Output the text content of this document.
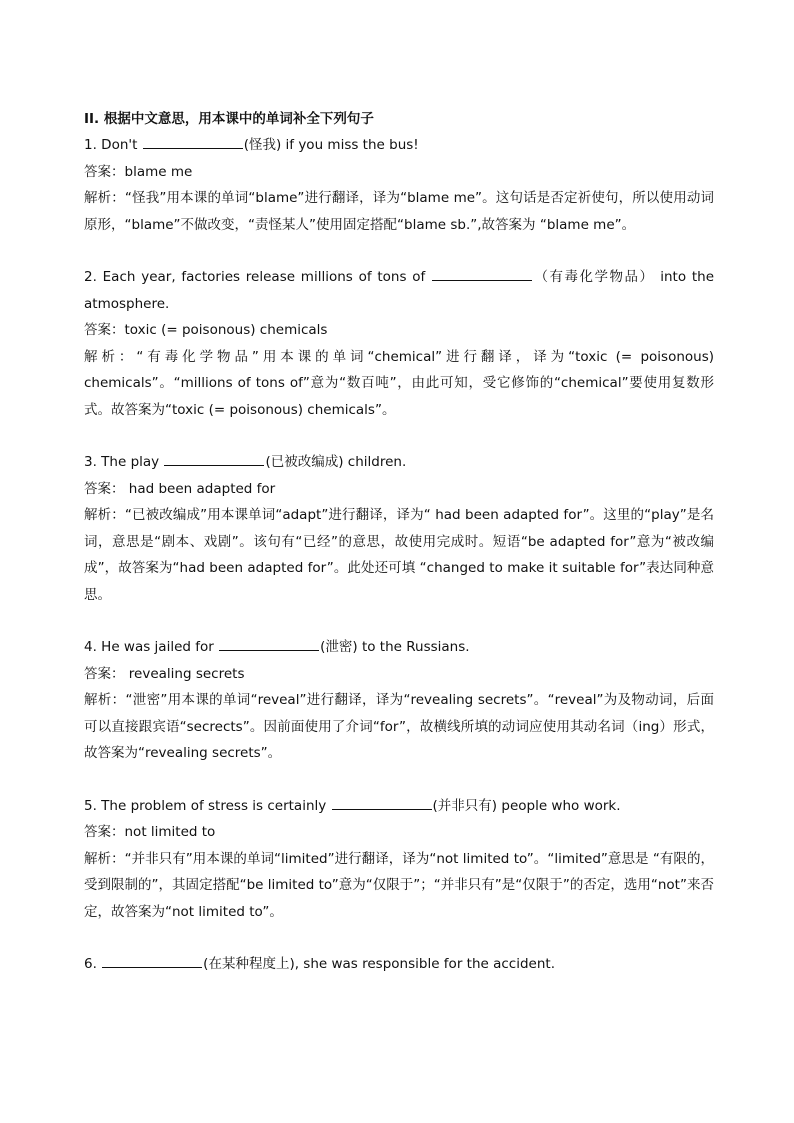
II. 根据中文意思，用本课中的单词补全下列句子

1. Don't	(怪我) if you miss the bus!

答案：blame me

解析：“怪我”用本课的单词“blame”进行翻译，译为“blame me”。这句话是否定祈使句，所以使用动词原形，“blame”不做改变，“责怪某人”使用固定搭配“blame sb.”,故答案为 “blame me”。

2. Each year, factories release millions of tons of	（有毒化学物品） into the atmosphere.

答案：toxic (= poisonous) chemicals

解析：“有毒化学物品”用本课的单词“chemical”进行翻译，译为“toxic (= poisonous) chemicals”。“millions of tons of”意为“数百吨”，由此可知，受它修饰的“chemical”要使用复数形式。故答案为“toxic (= poisonous) chemicals”。

3. The play	(已被改编成) children.

答案： had been adapted for

解析：“已被改编成”用本课单词“adapt”进行翻译，译为“ had been adapted for”。这里的“play”是名词，意思是“剧本、戏剧”。该句有“已经”的意思，故使用完成时。短语“be adapted for”意为“被改编成”，故答案为“had been adapted for”。此处还可填 “changed to make it suitable for”表达同种意思。

4. He was jailed for	(泄密) to the Russians.

答案： revealing secrets

解析：“泄密”用本课的单词“reveal”进行翻译，译为“revealing secrets”。“reveal”为及物动词，后面可以直接跟宾语“secrects”。因前面使用了介词“for”，故横线所填的动词应使用其动名词（ing）形式，故答案为“revealing secrets”。

5. The problem of stress is certainly	(并非只有) people who work.

答案：not limited to

解析：“并非只有”用本课的单词“limited”进行翻译，译为“not limited to”。“limited”意思是 “有限的，受到限制的”，其固定搭配“be limited to”意为“仅限于”；“并非只有”是“仅限于”的否定，选用“not”来否定，故答案为“not limited to”。

6.	(在某种程度上), she was responsible for the accident.
